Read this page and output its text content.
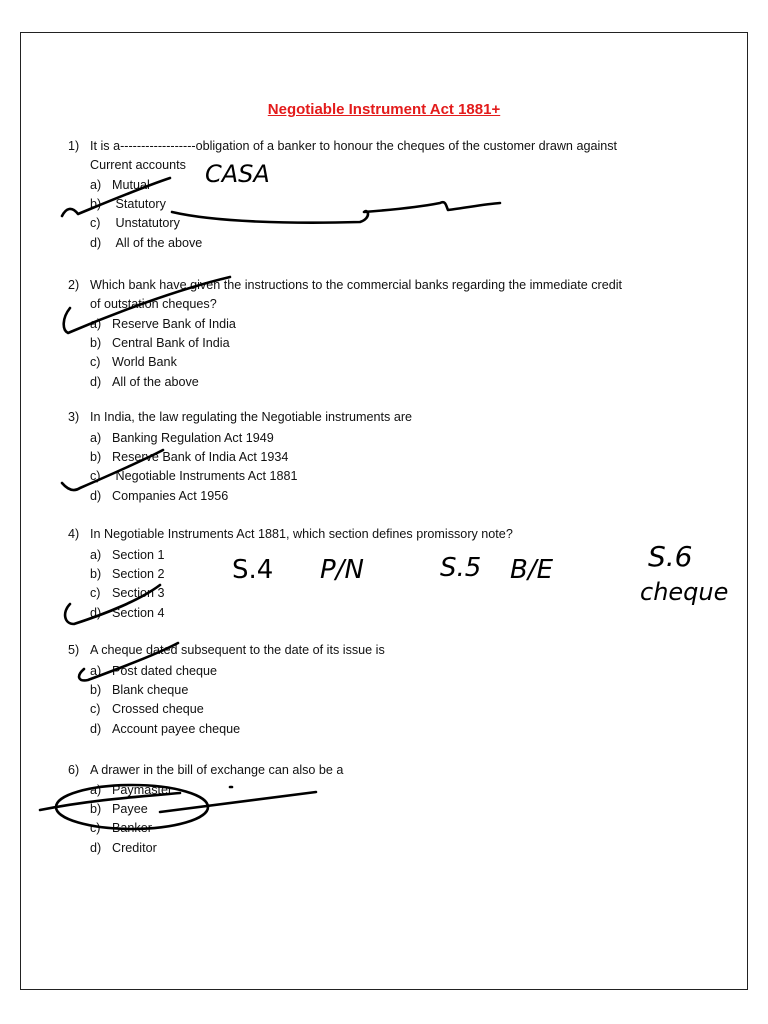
Negotiable Instrument Act 1881+
1) It is a------------------obligation of a banker to honour the cheques of the customer drawn against
Current accounts
a) Mutual
b) Statutory
c) Unstatutory
d) All of the above
2) Which bank have given the instructions to the commercial banks regarding the immediate credit
of outstation cheques?
a) Reserve Bank of India
b) Central Bank of India
c) World Bank
d) All of the above
3) In India, the law regulating the Negotiable instruments are
a) Banking Regulation Act 1949
b) Reserve Bank of India Act 1934
c) Negotiable Instruments Act 1881
d) Companies Act 1956
4) In Negotiable Instruments Act 1881, which section defines promissory note?
a) Section 1
b) Section 2
c) Section 3
d) Section 4
5) A cheque dated subsequent to the date of its issue is
a) Post dated cheque
b) Blank cheque
c) Crossed cheque
d) Account payee cheque
6) A drawer in the bill of exchange can also be a
a) Paymaster
b) Payee
c) Banker
d) Creditor
CASA
S.4 P/N	S.5 B/E	S.6
cheque
